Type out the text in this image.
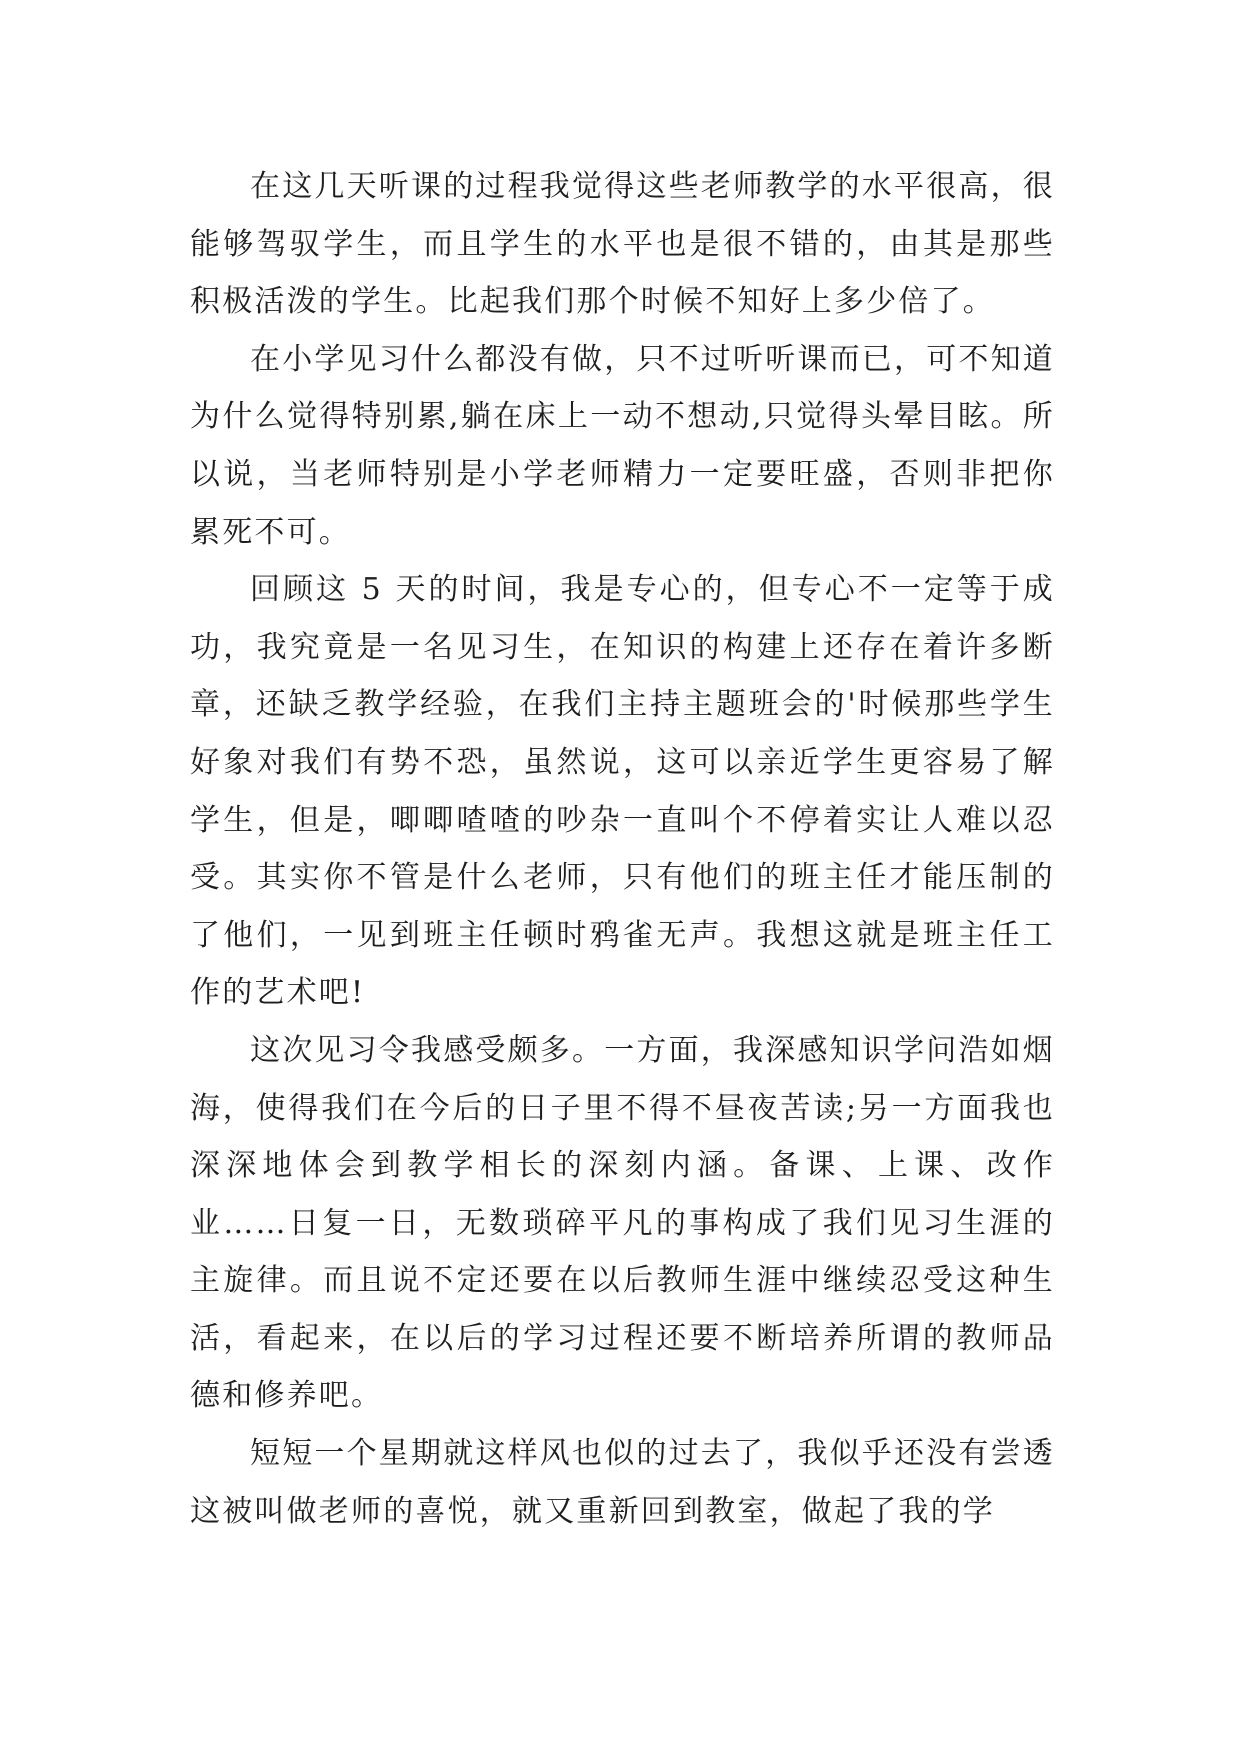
在这几天听课的过程我觉得这些老师教学的水平很高，很能够驾驭学生，而且学生的水平也是很不错的，由其是那些积极活泼的学生。比起我们那个时候不知好上多少倍了。

在小学见习什么都没有做，只不过听听课而已，可不知道为什么觉得特别累,躺在床上一动不想动,只觉得头晕目眩。所以说，当老师特别是小学老师精力一定要旺盛，否则非把你累死不可。

回顾这 5 天的时间，我是专心的，但专心不一定等于成功，我究竟是一名见习生，在知识的构建上还存在着许多断章，还缺乏教学经验，在我们主持主题班会的'时候那些学生好象对我们有势不恐，虽然说，这可以亲近学生更容易了解学生，但是，唧唧喳喳的吵杂一直叫个不停着实让人难以忍受。其实你不管是什么老师，只有他们的班主任才能压制的了他们，一见到班主任顿时鸦雀无声。我想这就是班主任工作的艺术吧!

这次见习令我感受颇多。一方面，我深感知识学问浩如烟海，使得我们在今后的日子里不得不昼夜苦读;另一方面我也深深地体会到教学相长的深刻内涵。备课、上课、改作业……日复一日，无数琐碎平凡的事构成了我们见习生涯的主旋律。而且说不定还要在以后教师生涯中继续忍受这种生活，看起来，在以后的学习过程还要不断培养所谓的教师品德和修养吧。

短短一个星期就这样风也似的过去了，我似乎还没有尝透这被叫做老师的喜悦，就又重新回到教室，做起了我的学
